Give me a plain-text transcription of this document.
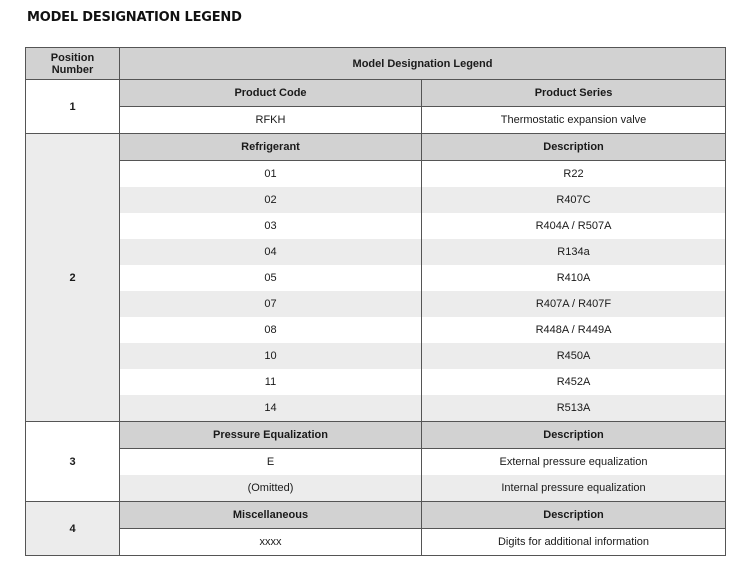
MODEL DESIGNATION LEGEND
Position
Number	Model Designation Legend	
1	Product Code	Product Series
	RFKH	Thermostatic expansion valve
2	Refrigerant	Description
	01	R22
	02	R407C
	03	R404A / R507A
	04	R134a
	05	R410A
	07	R407A / R407F
	08	R448A / R449A
	10	R450A
	11	R452A
	14	R513A
3	Pressure Equalization	Description
	E	External pressure equalization
	(Omitted)	Internal pressure equalization
4	Miscellaneous	Description
	xxxx	Digits for additional information
